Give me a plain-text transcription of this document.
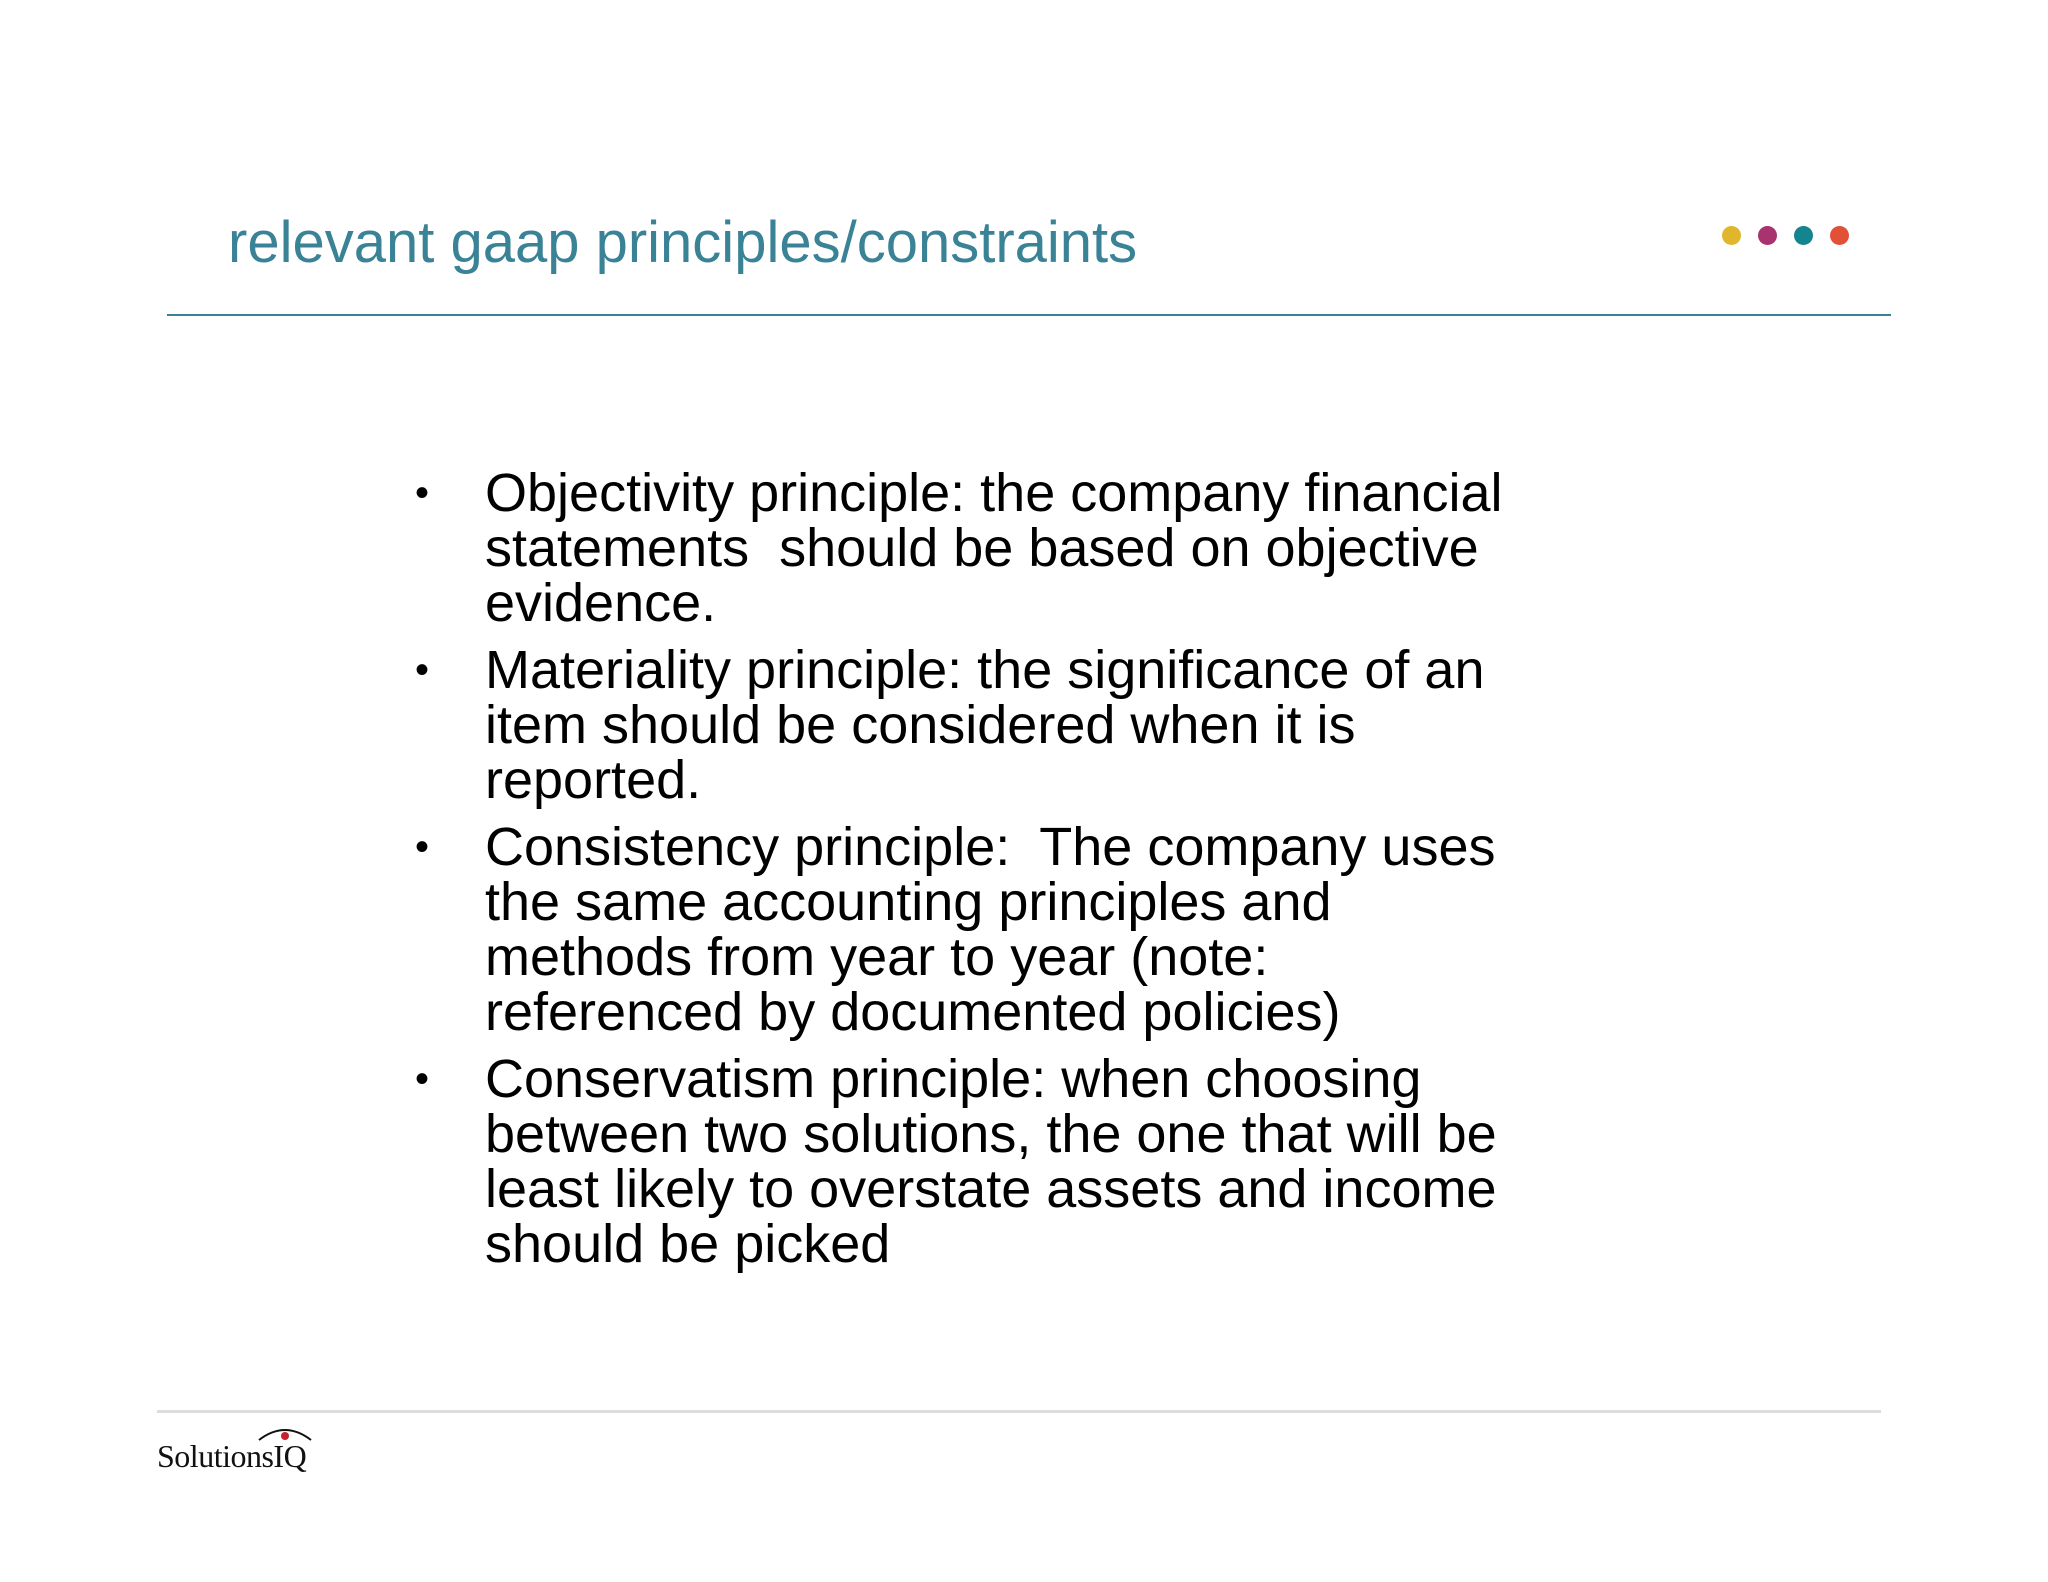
relevant gaap principles/constraints
• Objectivity principle: the company financial
statements  should be based on objective
evidence.
• Materiality principle: the significance of an
item should be considered when it is
reported.
• Consistency principle:  The company uses
the same accounting principles and
methods from year to year (note:
referenced by documented policies)
• Conservatism principle: when choosing
between two solutions, the one that will be
least likely to overstate assets and income
should be picked
SolutionsIQ
